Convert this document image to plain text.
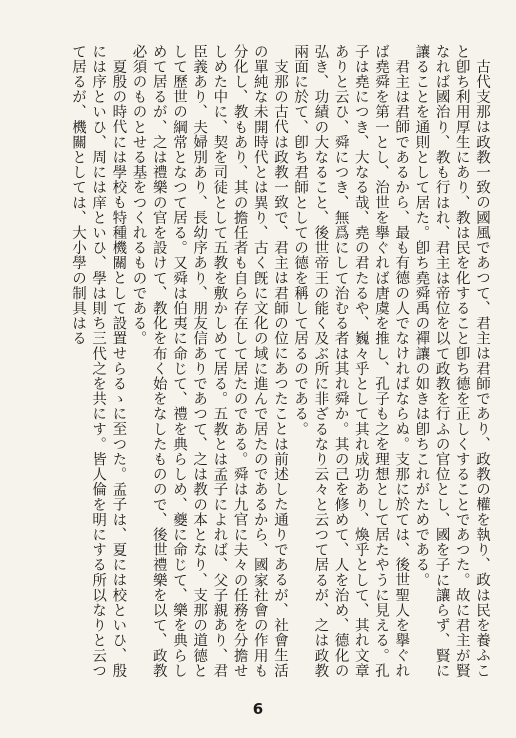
古代支那は政教一致の國風であつて、君主は君師であり、政教の權を執り、政は民を養ふこと卽ち利用厚生にあり、教は民を化すること卽ち德を正しくすることであつた。故に君主が賢なれば國治り、教も行はれ、君主は帝位を以て政教を行ふの官位とし、國を子に讓らず、賢に讓ることを通則として居た。卽ち堯舜禹の禪讓の如きは卽ちこれがためである。

君主は君師であるから、最も有德の人でなければならぬ。支那に於ては、後世聖人を擧ぐれば堯舜を第一とし、治世を擧ぐれば唐虞を推し、孔子も之を理想として居たやうに見える。孔子は堯につき、大なる哉、堯の君たるや、巍々乎として其れ成功あり、煥乎として、其れ文章ありと云ひ、舜につき、無爲にして治むる者は其れ舜か。其の己を修めて、人を治め、德化の弘き、功績の大なること、後世帝王の能く及ぶ所に非ざるなり云々と云つて居るが、之は政教兩面に於て、卽ち君師としての德を稱して居るのである。

支那の古代は政教一致で、君主は君師の位にあつたことは前述した通りであるが、社會生活の單純な未開時代とは異り、古く旣に文化の域に進んで居たのであるから、國家社會の作用も分化し、教もあり、其の擔任者も自ら存在して居たのである。舜は九官に夫々の任務を分擔せしめた中に、契を司徒として五教を敷かしめて居る。五教とは孟子によれば、父子親あり、君臣義あり、夫婦別あり、長幼序あり、朋友信ありであつて、之は教の本となり、支那の道德として歷世の綱常となつて居る。又舜は伯夷に命じて、禮を典らしめ、夔に命じて、樂を典らしめて居るが、之は禮樂の官を設けて、教化を布く始をなしたものので、後世禮樂を以て、政教必須のものとせる基をつくれるものである。

夏殷の時代には學校も特種機關として設置せらるゝに至つた。孟子は、夏には校といひ、殷には序といひ、周には庠といひ、學は則ち三代之を共にす。皆人倫を明にする所以なりと云つて居るが、機關としては、大小學の制具はる

6
